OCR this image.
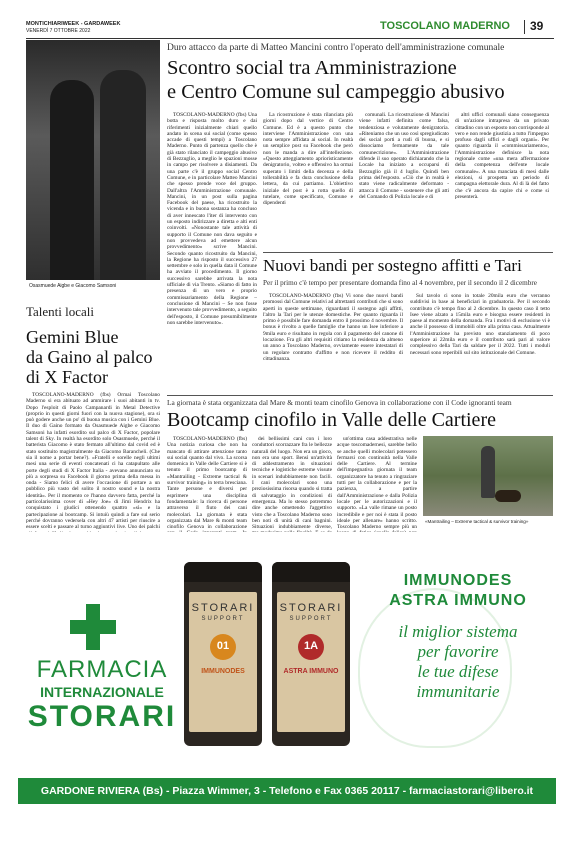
MONTICHIARIWEEK - GARDAWEEK
VENERDÌ 7 OTTOBRE 2022	TOSCOLANO MADERNO 39
Duro attacco da parte di Matteo Mancini contro l'operato dell'amministrazione comunale
Scontro social tra Amministrazione
e Centro Comune sul campeggio abusivo

TOSCOLANO-MADERNO (fbs) Una botta e risposta molto duro e dai riferimenti inizialmente chiari quello andato in scena sui social (come spesso accade di questi tempi) a Toscolano Maderno. Punto di partenza quello che è già stato rilanciato il campeggio abusivo di Bezzuglio, a meglio le spazioni mosse in campo per risolvere a disiamenti. Da una parte c'è il gruppo social Centro Comune, e in particolare Matteo Mancini che spesso prende voce del gruppo. Dall'altra l'Amministrazione comunale. Mancini, in un post sulla pagina Facebook del paese, ha ricostruito la vicenda e in buona sostanza ha concluso di aver innescato l'iter di intervento con un esposto indirizzare a diretta e alti enti coinvolti. «Nonostante tale attività di supporto il Comune non dava seguito e non provvedeva ad emettere alcun provvedimento» scrive Mancini. Secondo quanto ricostruito da Mancini, la Regione ha risposto il successivo 27 settembre e solo in quella data il Comune ha avviato il procedimento. Il giorno successivo sarebbe arrivata la nota ufficiale di via Trento. «Siamo di fatto in presenza di un vero e proprio commissariamento della Regione – conclusione di Mancini – Se non fosse intervenuto tale provvedimento, a seguito dell'esposto, il Comune presumibilmente non sarebbe intervenuto».

La ricostruzione è stata rilanciata più giorni dopo dal vertice di Centro Comune. Ed è a questo punto che interviene l'Amministrazione con una nota sempre affidata ai social. In realtà un semplice post su Facebook che però non le manda a dire all'intellezione. «Questo atteggiamento aprioristicamente denigratorio, volteo e offensivo ha ormai superato i limiti della decenza e della tollerabilità e fa dura conclusione della lettera, da cui partiamo. L'obiettivo iniziale del post è a rotta quello di tutelare, come specificato, Comune e dipendenti

comunali. La ricostruzione di Mancini viene infatti definita come falsa, tendenziosa e volutamente denigratoria. «Riteniamo che un uso così spregiudicato dei social porti a rudi di buona, e si dissociamo fermamente da tale comunecrizione». L'Amministrazione difende il suo operato dichiarando che la Locale ha iniziato a occuparsi di Bezzuglio già il 4 luglio. Quindi ben prima dell'esposto. «Ciò che in realtà è stato viene radicalmente deformato - attacca il Comune - sostenere che gli atti del Comando di Polizia locale e di

altri uffici comunali siano conseguenza di un'azione intrapresa da un privato cittadino con un esposto non corrisponde al vero e non rende giustizia a tutto l'impegno profuso dagli uffici e dagli organi». Per quanto riguarda il «commissariamento», l'Amministrazione definisce la nota regionale come «una mera affermazione della competenza dell'ente locale comunale». A una manciata di mesi dalle elezioni, si prospetta un periodo di campagna elettorale dura. Al di là del fatto che c'è ancora da capire chi e come si presenterà.

Osasmuede Aigbe e Giacomo Samsoni
Talenti locali
Gemini Blue
da Gaino al palco
di X Factor

TOSCOLANO-MADERNO (fbs) Ormai Toscolano Maderno si era abituato ad ammirare i suoi abitanti in tv. Dopo l'esploit di Paolo Campanardi in Metal Detective (proprio in questi giorni fuori con la nuova stagione), ora si può godere anche un po' di buona musica con i Gemini Blue. Il duo di Gaino formato da Osasmuede Aigbe e Giacomo Samsoni ha infatti esordito sul palco di X Factor, popolare talent di Sky. In realtà ha esordito solo Osasmuede, perché il batterista Giacomo è stato fermato all'ultimo dal covid ed è stato sostituito magistralmente da Giacomo Barancheli. (Che sia il nome a portar bene?). «Fratelli e sorelle negli ultimi mesi una serie di eventi concatenati ci ha catapultato alle porte degli studi di X Factor Italia - avevano annunciato su più a sorpresa su Facebook il giorno prima della messa in onda - Siamo felici di avere l'occasione di portare a un pubblico più vasto del solito il nostro sound e la nostra identità». Per il momento ce l'hanno davvero fatta, perché la particolarissima cover di «Hey Joe» di Jimi Hendrix ha conquistato i giudici ottenendo quattro «sì» e la partecipazione ai bootcamp. Si intuiù quindi a fare sul serio perché dovranno vedersela con altri 47 artisti per riuscire a essere scelti e passare al turno aggiuntivi live. Uno dei palchi

Nuovi bandi per sostegno affitti e Tari
Per il primo c'è tempo per presentare domanda fino al 4 novembre, per il secondo il 2 dicembre

TOSCOLANO-MADERNO (fbs) Vi sono due nuovi bandi promossi dal Comune relativi ad altrettanti contributi che si sono aperti in queste settimane, riguardanti il sostegno agli affitti, l'altro la Tari per le utenze domestiche. Per quanto riguarda il primo è possibile fare domanda entro il prossimo 4 novembre. Il bonus è rivolto a quelle famiglie che hanno un Isee inferiore a 9mila euro e risultano in regola con il pagamento del canone di locazione. Fra gli altri requisiti citiamo la residenza da almeno un anno a Toscolano Maderno, ovviamente essere intestatari di un regolare contratto d'affitto e non ricevere il reddito di cittadinanza.

Sul tavolo ci sono in totale 20mila euro che verranno suddivisi in base ai beneficiari in graduatoria. Per il secondo contributo c'è tempo fino al 2 dicembre. In questo caso il tetto Isee viene alzato a 15mila euro e bisogna essere residenti in paese al momento della domanda. Fra i motivi di esclusione vi è anche il possesso di immobili oltre alla prima casa. Attualmente l'Amministrazione ha previsto uno stanziamento di poco superiore ai 22mila euro e il contributo sarà pari al valore complessivo della Tari da saldare per il 2022. Tutti i moduli necessari sono reperibili sul sito istituzionale del Comune.

La giornata è stata organizzata dal Mare & monti team cinofilo Genova in collaborazione con il Code ignoranti team
Bootcamp cinofilo in Valle delle Cartiere

TOSCOLANO-MADERNO (fbs) Una notizia curiosa che non ha mancato di attirare attenzione tanto sui social quanto dal vivo. La scorsa domenica in Valle delle Cartiere si è tenuto il primo bootcamp di «Mantrailing - Extreme tactical & survivor training» in terra bresciana. Tante persone e diversi per esprimere una disciplina fondamentale: la ricerca di persone attraverso il fiuto dei cani molecolari. La giornata è stata organizzata dal Mare & monti team cinofilo Genova in collaborazione

dei bellissimi cani con i loro conduttori scorrazzare fra le bellezze naturali del luogo. Non era un gioco, non era uno sport. Bensì un'attività di addestramento in situazioni tecniche e logistiche estreme vissute in scenari indubbiamente non facili. I cani molecolari sono una preziosissima risorsa quando si tratta di salvataggio in condizioni di emergenza. Ma lo stesso potremmo dire anche omettendo l'aggettivo visto che a Toscolano Maderno sono ben noti di unità di cani bagnini. Situazioni indubbiamente diverse,

un'ottima casa addestrativa nelle acque toscomadernesi, sarebbe bello se anche quelli molecolari potessero fermarsi con continuità nella Valle delle Cartiere. Al termine dell'impegnativa giornata il team organizzatore ha tenuto a ringraziare tutti per la collaborazione e per la pazienza, a partire dall'Amministrazione e dalla Polizia locale per le autorizzazioni e il supporto. «La valle rimane un posto incredibile e per noi è stata il posto ideale per allenare» hanno scritto. Toscolano Maderno sempre più un

«Mantrailing – Extreme tactical & survivor training»
FARMACIA
INTERNAZIONALE
STORARI
STORARI
SUPPORT
01
IMMUNODES
STORARI
SUPPORT
1A
ASTRA IMMUNO
IMMUNODES
ASTRA IMMUNO
il miglior sistema
per favorire
le tue difese
immunitarie
GARDONE RIVIERA (Bs) - Piazza Wimmer, 3 - Telefono e Fax 0365 20117 - farmaciastorari@libero.it
